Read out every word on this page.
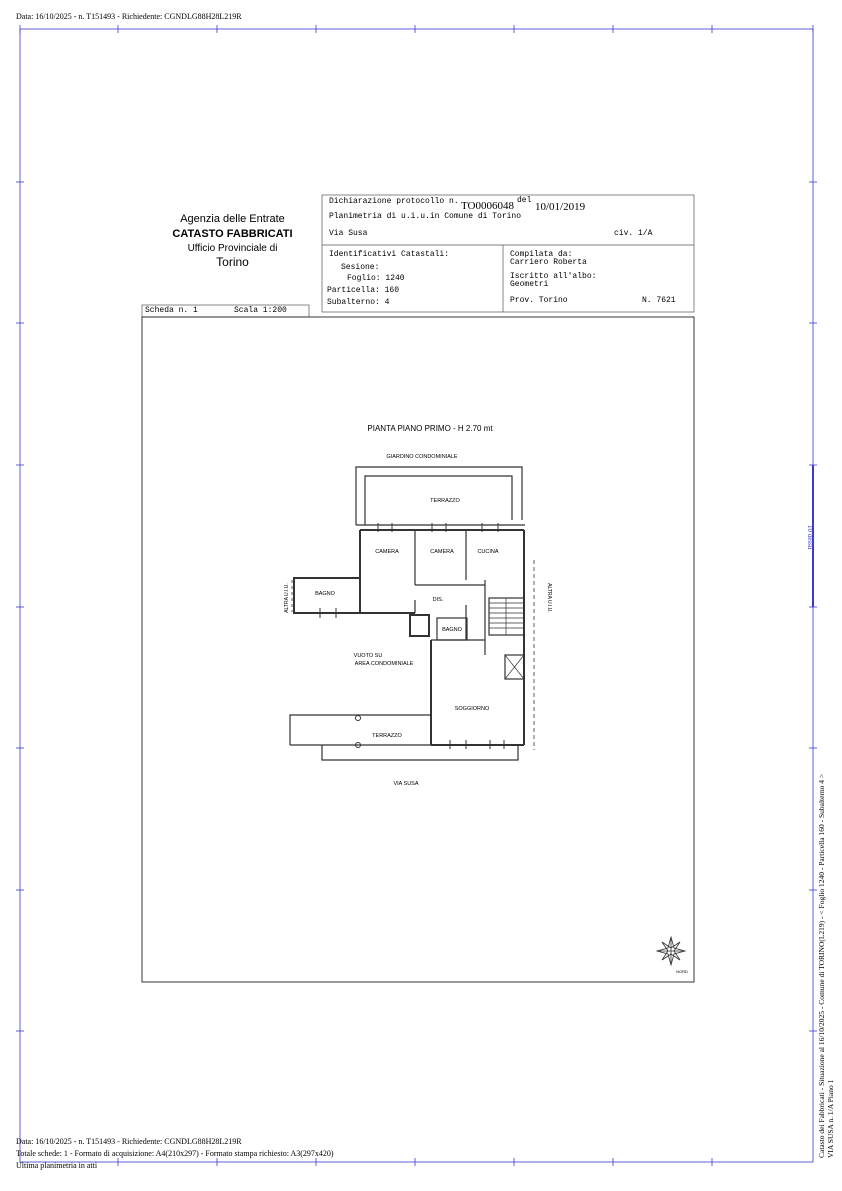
Data: 16/10/2025 - n. T151493 - Richiedente: CGNDLG88H28L219R
Agenzia delle Entrate
CATASTO FABBRICATI
Ufficio Provinciale di
Torino
Dichiarazione protocollo n. TO0006048 del
10/01/2019
Planimetria di u.i.u.in Comune di Torino
Via Susa	civ. 1/A
Identificativi Catastali:
Sesione:
Foglio: 1240
Particella: 160
Subalterno: 4
Compilata da:
Carriero Roberta
Iscritto all'albo:
Geometri
Prov. Torino	N. 7621
Scheda n. 1	Scala 1:200
PIANTA PIANO PRIMO - H 2.70 mt
GIARDINO CONDOMINIALE
TERRAZZO
CAMERA	CAMERA	CUCINA
BAGNO
DIS.
BAGNO
VUOTO SU
AREA CONDOMINIALE
SOGGIORNO
TERRAZZO
VIA SUSA
ALTRA U.I.U.	ALTRA U.I.U.
NORD
10 dessu
Catasto dei Fabbricati - Situazione al 16/10/2025 - Comune di TORINO(L219) - < Foglio 1240 - Particella 160 - Subalterno 4 > VIA SUSA n. 1/A Piano 1
Data: 16/10/2025 - n. T151493 - Richiedente: CGNDLG88H28L219R
Totale schede: 1 - Formato di acquisizione: A4(210x297) - Formato stampa richiesto: A3(297x420)
Ultima planimetria in atti
